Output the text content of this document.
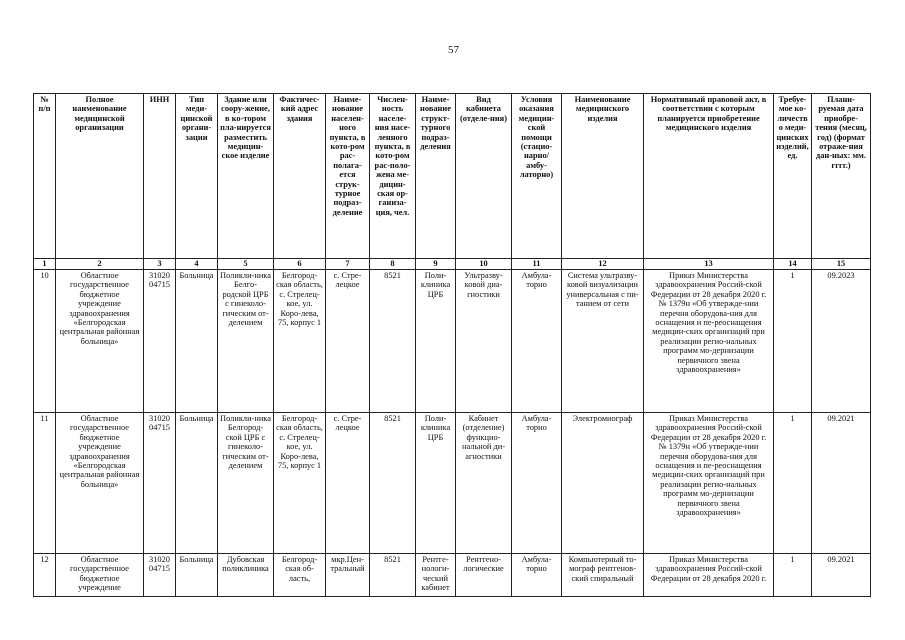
57
№ п/п	Полное наименование медицинской организации	ИНН	Тип меди-цинской органи-зации	Здание или соору-жение, в ко-тором пла-нируется разместить медицин-ское изделие	Фактичес-кий адрес здания	Наиме-нование населен-ного пункта, в кото-ром рас-полага-ется струк-турное подраз-деление	Числен-ность населе-ния насе-ленного пункта, в кото-ром рас-поло-жена ме-дицин-ская ор-ганиза-ция, чел.	Наиме-нование структ-турного подраз-деления	Вид кабинета (отделе-ния)	Условия оказания медицин-ской помощи (стацио-нарно/амбу-латорно)	Наименование медицинского изделия	Нормативный правовой акт, в соответствии с которым планируется приобретение медицинского изделия	Требуе-мое ко-личество меди-цинских изделий, ед.	Плани-руемая дата приобре-тения (месяц, год) (формат отраже-ния дан-ных: мм. гггг.)
1	2	3	4	5	6	7	8	9	10	11	12	13	14	15
10	Областное государственное бюджетное учреждение здравоохранения «Белгородская центральная районная больница»	31020 04715	Больница	Поликли-ника Белго-родской ЦРБ с гинеколо-гическим от-делением	Белгород-ская область, с. Стрелец-кое, ул. Коро-лева, 75, корпус 1	с. Стре-лецкое	8521	Поли-клиника ЦРБ	Ультразву-ковой диа-гностики	Амбула-торно	Система ультразву-ковой визуализации универсальная с пи-танием от сети	Приказ Министерства здравоохранения Россий-ской Федерации от 28 декабря 2020 г. № 1379н «Об утвержде-нии перечня оборудова-ния для оснащения и пе-реоснащения медицин-ских организаций при реализации регио-нальных программ мо-дернизации первичного звена здравоохранения»	1	09.2023
11	Областное государственное бюджетное учреждение здравоохранения «Белгородская центральная районная больница»	31020 04715	Больница	Поликли-ника Белгород-ской ЦРБ с гинеколо-гическим от-делением	Белгород-ская область, с. Стрелец-кое, ул. Коро-лева, 75, корпус 1	с. Стре-лецкое	8521	Поли-клиника ЦРБ	Кабинет (отделение) функцио-нальной ди-агностики	Амбула-торно	Электромиограф	Приказ Министерства здравоохранения Россий-ской Федерации от 28 декабря 2020 г. № 1379н «Об утвержде-нии перечня оборудова-ния для оснащения и пе-реоснащения медицин-ских организаций при реализации регио-нальных программ мо-дернизации первичного звена здравоохранения»	1	09.2021
12	Областное государственное бюджетное учреждение	31020 04715	Больница	Дубовская поликлиника	Белгород-ская об-ласть,	мкр.Цен-тральный	8521	Рентге-нологи-ческий кабинет	Рентгено-логические	Амбула-торно	Компьютерный то-мограф рентгенов-ский спиральный	Приказ Министерства здравоохранения Россий-ской Федерации от 28 декабря 2020 г.	1	09.2021
